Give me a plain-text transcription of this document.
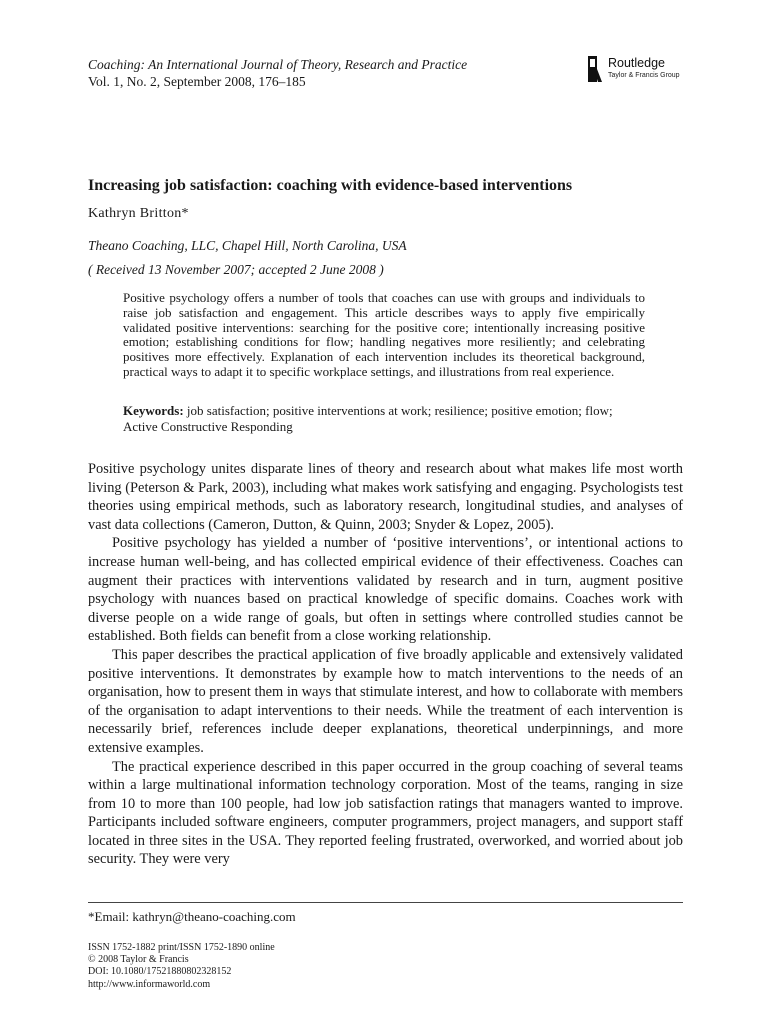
Coaching: An International Journal of Theory, Research and Practice
Vol. 1, No. 2, September 2008, 176–185
Routledge
Taylor & Francis Group
Increasing job satisfaction: coaching with evidence-based interventions
Kathryn Britton*
Theano Coaching, LLC, Chapel Hill, North Carolina, USA
( Received 13 November 2007; accepted 2 June 2008 )
Positive psychology offers a number of tools that coaches can use with groups and individuals to raise job satisfaction and engagement. This article describes ways to apply five empirically validated positive interventions: searching for the positive core; intentionally increasing positive emotion; establishing conditions for flow; handling negatives more resiliently; and celebrating positives more effectively. Explanation of each intervention includes its theoretical background, practical ways to adapt it to specific workplace settings, and illustrations from real experience.
Keywords: job satisfaction; positive interventions at work; resilience; positive emotion; flow; Active Constructive Responding

Positive psychology unites disparate lines of theory and research about what makes life most worth living (Peterson & Park, 2003), including what makes work satisfying and engaging. Psychologists test theories using empirical methods, such as laboratory research, longitudinal studies, and analyses of vast data collections (Cameron, Dutton, & Quinn, 2003; Snyder & Lopez, 2005).

Positive psychology has yielded a number of ‘positive interventions’, or intentional actions to increase human well-being, and has collected empirical evidence of their effectiveness. Coaches can augment their practices with interventions validated by research and in turn, augment positive psychology with nuances based on practical knowledge of specific domains. Coaches work with diverse people on a wide range of goals, but often in settings where controlled studies cannot be established. Both fields can benefit from a close working relationship.

This paper describes the practical application of five broadly applicable and extensively validated positive interventions. It demonstrates by example how to match interventions to the needs of an organisation, how to present them in ways that stimulate interest, and how to collaborate with members of the organisation to adapt interventions to their needs. While the treatment of each intervention is necessarily brief, references include deeper explanations, theoretical underpinnings, and more extensive examples.

The practical experience described in this paper occurred in the group coaching of several teams within a large multinational information technology corporation. Most of the teams, ranging in size from 10 to more than 100 people, had low job satisfaction ratings that managers wanted to improve. Participants included software engineers, computer programmers, project managers, and support staff located in three sites in the USA. They reported feeling frustrated, overworked, and worried about job security. They were very

*Email: kathryn@theano-coaching.com
ISSN 1752-1882 print/ISSN 1752-1890 online
© 2008 Taylor & Francis
DOI: 10.1080/17521880802328152
http://www.informaworld.com
